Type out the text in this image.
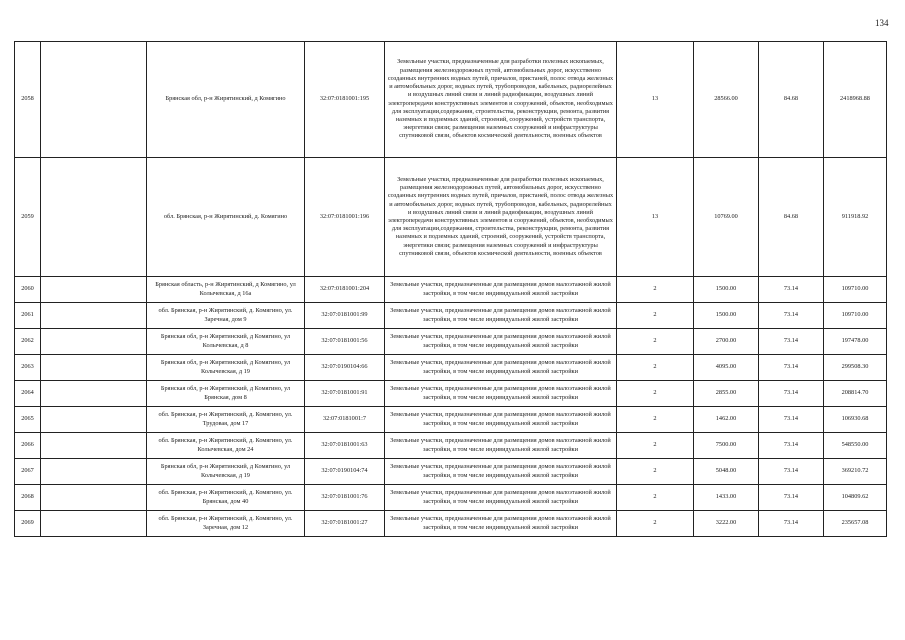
134
2058		Брянская обл, р-н Жирятинский, д Комягино	32:07:0181001:195	Земельные участки, предназначенные для разработки полезных ископаемых, размещения железнодорожных путей, автомобильных дорог, искусственно созданных внутренних водных путей, причалов, пристаней, полос отвода железных и автомобильных дорог, водных путей, трубопроводов, кабельных, радиорелейных и воздушных линий связи и линий радиофикации, воздушных линий электропередачи конструктивных элементов и сооружений, объектов, необходимых для эксплуатации,содержания, строительства, реконструкции, ремонта, развития наземных и подземных зданий, строений, сооружений, устройств транспорта, энергетики связи; размещения наземных сооружений и инфраструктуры спутниковой связи, объектов космической деятельности, военных объектов	13	28566.00	84.68	2418968.88
2059		обл. Брянская, р-н Жирятинский, д. Комягино	32:07:0181001:196	Земельные участки, предназначенные для разработки полезных ископаемых, размещения железнодорожных путей, автомобильных дорог, искусственно созданных внутренних водных путей, причалов, пристаней, полос отвода железных и автомобильных дорог, водных путей, трубопроводов, кабельных, радиорелейных и воздушных линий связи и линий радиофикации, воздушных линий электропередачи конструктивных элементов и сооружений, объектов, необходимых для эксплуатации,содержания, строительства, реконструкции, ремонта, развития наземных и подземных зданий, строений, сооружений, устройств транспорта, энергетики связи; размещения наземных сооружений и инфраструктуры спутниковой связи, объектов космической деятельности, военных объектов	13	10769.00	84.68	911918.92
2060		Брянская область, р-н Жирятинский, д Комягино, ул Колычевская, д 16а	32:07:0181001:204	Земельные участки, предназначенные для размещения домов малоэтажной жилой застройки, в том числе индивидуальной жилой застройки	2	1500.00	73.14	109710.00
2061		обл. Брянская, р-н Жирятинский, д. Комягино, ул. Заречная, дом 9	32:07:0181001:99	Земельные участки, предназначенные для размещения домов малоэтажной жилой застройки, в том числе индивидуальной жилой застройки	2	1500.00	73.14	109710.00
2062		Брянская обл, р-н Жирятинский, д Комягино, ул Колычевская, д 8	32:07:0181001:56	Земельные участки, предназначенные для размещения домов малоэтажной жилой застройки, в том числе индивидуальной жилой застройки	2	2700.00	73.14	197478.00
2063		Брянская обл, р-н Жирятинский, д Комягино, ул Колычевская, д 19	32:07:0190104:66	Земельные участки, предназначенные для размещения домов малоэтажной жилой застройки, в том числе индивидуальной жилой застройки	2	4095.00	73.14	299508.30
2064		Брянская обл, р-н Жирятинский, д Комягино, ул Брянская, дом 8	32:07:0181001:91	Земельные участки, предназначенные для размещения домов малоэтажной жилой застройки, в том числе индивидуальной жилой застройки	2	2855.00	73.14	208814.70
2065		обл. Брянская, р-н Жирятинский, д. Комягино, ул. Трудовая, дом 17	32:07:0181001:7	Земельные участки, предназначенные для размещения домов малоэтажной жилой застройки, в том числе индивидуальной жилой застройки	2	1462.00	73.14	106930.68
2066		обл. Брянская, р-н Жирятинский, д. Комягино, ул. Колычевская, дом 24	32:07:0181001:63	Земельные участки, предназначенные для размещения домов малоэтажной жилой застройки, в том числе индивидуальной жилой застройки	2	7500.00	73.14	548550.00
2067		Брянская обл, р-н Жирятинский, д Комягино, ул Колычевская, д 19	32:07:0190104:74	Земельные участки, предназначенные для размещения домов малоэтажной жилой застройки, в том числе индивидуальной жилой застройки	2	5048.00	73.14	369210.72
2068		обл. Брянская, р-н Жирятинский, д. Комягино, ул. Брянская, дом 40	32:07:0181001:76	Земельные участки, предназначенные для размещения домов малоэтажной жилой застройки, в том числе индивидуальной жилой застройки	2	1433.00	73.14	104809.62
2069		обл. Брянская, р-н Жирятинский, д. Комягино, ул. Заречная, дом 12	32:07:0181001:27	Земельные участки, предназначенные для размещения домов малоэтажной жилой застройки, в том числе индивидуальной жилой застройки	2	3222.00	73.14	235657.08
